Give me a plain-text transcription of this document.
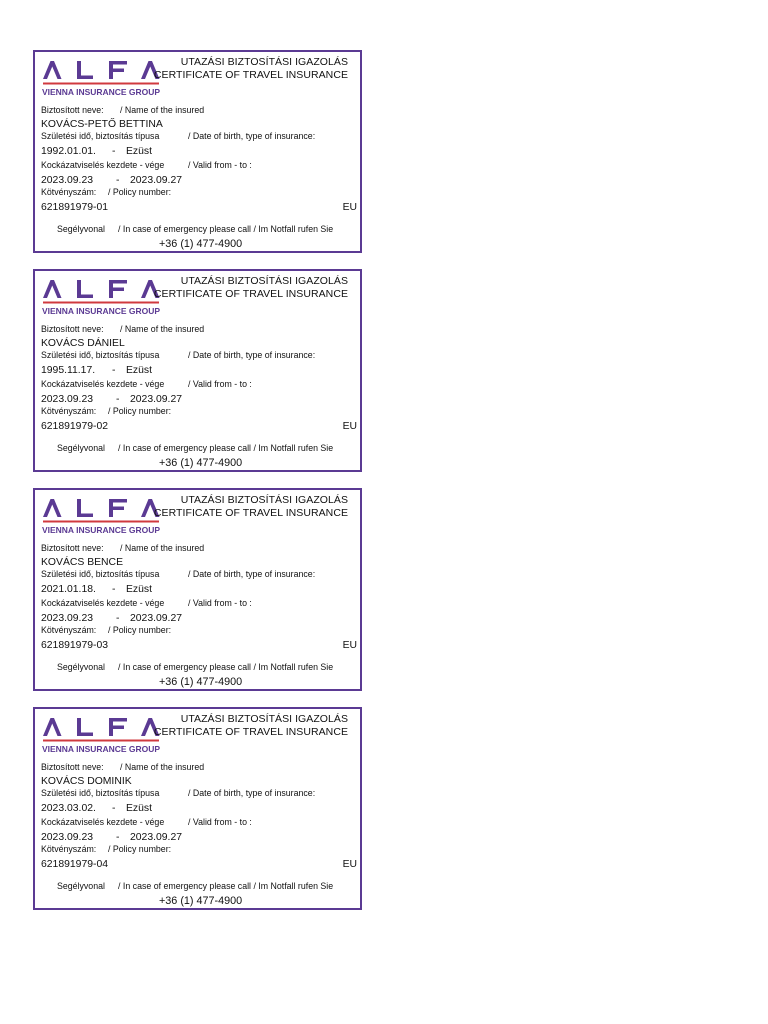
VIENNA INSURANCE GROUP
UTAZÁSI BIZTOSÍTÁSI IGAZOLÁS
CERTIFICATE OF TRAVEL INSURANCE
Biztosított neve: / Name of the insured
KOVÁCS-PETŐ BETTINA
Születési idő, biztosítás típusa	/ Date of birth, type of insurance:
1992.01.01. - Ezüst
Kockázatviselés kezdete - vége	/ Valid from - to :
2023.09.23 - 2023.09.27
Kötvényszám: / Policy number:
621891979-01	EU
Segélyvonal / In case of emergency please call / Im Notfall rufen Sie
+36 (1) 477-4900
VIENNA INSURANCE GROUP
UTAZÁSI BIZTOSÍTÁSI IGAZOLÁS
CERTIFICATE OF TRAVEL INSURANCE
Biztosított neve: / Name of the insured
KOVÁCS DÁNIEL
Születési idő, biztosítás típusa	/ Date of birth, type of insurance:
1995.11.17. - Ezüst
Kockázatviselés kezdete - vége	/ Valid from - to :
2023.09.23 - 2023.09.27
Kötvényszám: / Policy number:
621891979-02	EU
Segélyvonal / In case of emergency please call / Im Notfall rufen Sie
+36 (1) 477-4900
VIENNA INSURANCE GROUP
UTAZÁSI BIZTOSÍTÁSI IGAZOLÁS
CERTIFICATE OF TRAVEL INSURANCE
Biztosított neve: / Name of the insured
KOVÁCS BENCE
Születési idő, biztosítás típusa	/ Date of birth, type of insurance:
2021.01.18. - Ezüst
Kockázatviselés kezdete - vége	/ Valid from - to :
2023.09.23 - 2023.09.27
Kötvényszám: / Policy number:
621891979-03	EU
Segélyvonal / In case of emergency please call / Im Notfall rufen Sie
+36 (1) 477-4900
VIENNA INSURANCE GROUP
UTAZÁSI BIZTOSÍTÁSI IGAZOLÁS
CERTIFICATE OF TRAVEL INSURANCE
Biztosított neve: / Name of the insured
KOVÁCS DOMINIK
Születési idő, biztosítás típusa	/ Date of birth, type of insurance:
2023.03.02. - Ezüst
Kockázatviselés kezdete - vége	/ Valid from - to :
2023.09.23 - 2023.09.27
Kötvényszám: / Policy number:
621891979-04	EU
Segélyvonal / In case of emergency please call / Im Notfall rufen Sie
+36 (1) 477-4900
